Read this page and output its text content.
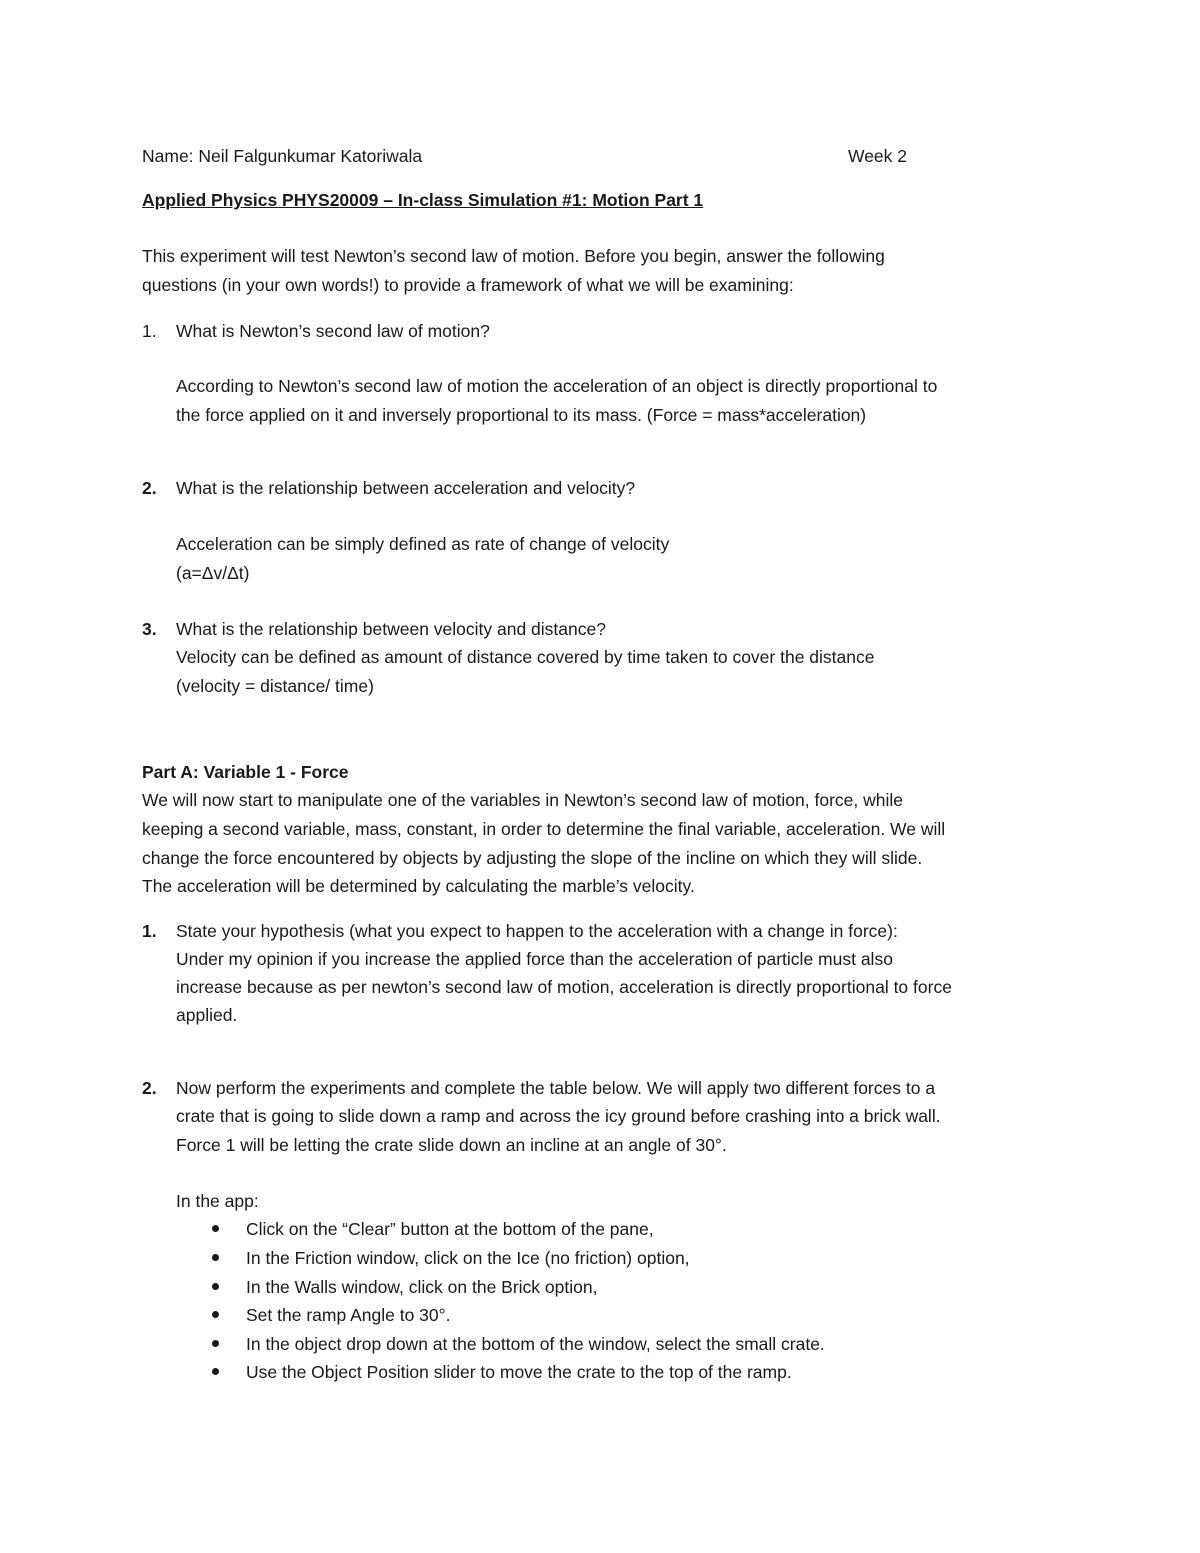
Name: Neil Falgunkumar Katoriwala	Week 2
Applied Physics PHYS20009 – In-class Simulation #1: Motion Part 1
This experiment will test Newton’s second law of motion. Before you begin, answer the following
questions (in your own words!) to provide a framework of what we will be examining:
1. What is Newton’s second law of motion?
According to Newton’s second law of motion the acceleration of an object is directly proportional to
the force applied on it and inversely proportional to its mass. (Force = mass*acceleration)
2. What is the relationship between acceleration and velocity?
Acceleration can be simply defined as rate of change of velocity
(a=Δv/Δt)
3. What is the relationship between velocity and distance?
Velocity can be defined as amount of distance covered by time taken to cover the distance
(velocity = distance/ time)
Part A: Variable 1 - Force
We will now start to manipulate one of the variables in Newton’s second law of motion, force, while
keeping a second variable, mass, constant, in order to determine the final variable, acceleration. We will
change the force encountered by objects by adjusting the slope of the incline on which they will slide.
The acceleration will be determined by calculating the marble’s velocity.
1. State your hypothesis (what you expect to happen to the acceleration with a change in force):
Under my opinion if you increase the applied force than the acceleration of particle must also
increase because as per newton’s second law of motion, acceleration is directly proportional to force
applied.
2. Now perform the experiments and complete the table below. We will apply two different forces to a
crate that is going to slide down a ramp and across the icy ground before crashing into a brick wall.
Force 1 will be letting the crate slide down an incline at an angle of 30°.
In the app:
Click on the “Clear” button at the bottom of the pane,
In the Friction window, click on the Ice (no friction) option,
In the Walls window, click on the Brick option,
Set the ramp Angle to 30°.
In the object drop down at the bottom of the window, select the small crate.
Use the Object Position slider to move the crate to the top of the ramp.
